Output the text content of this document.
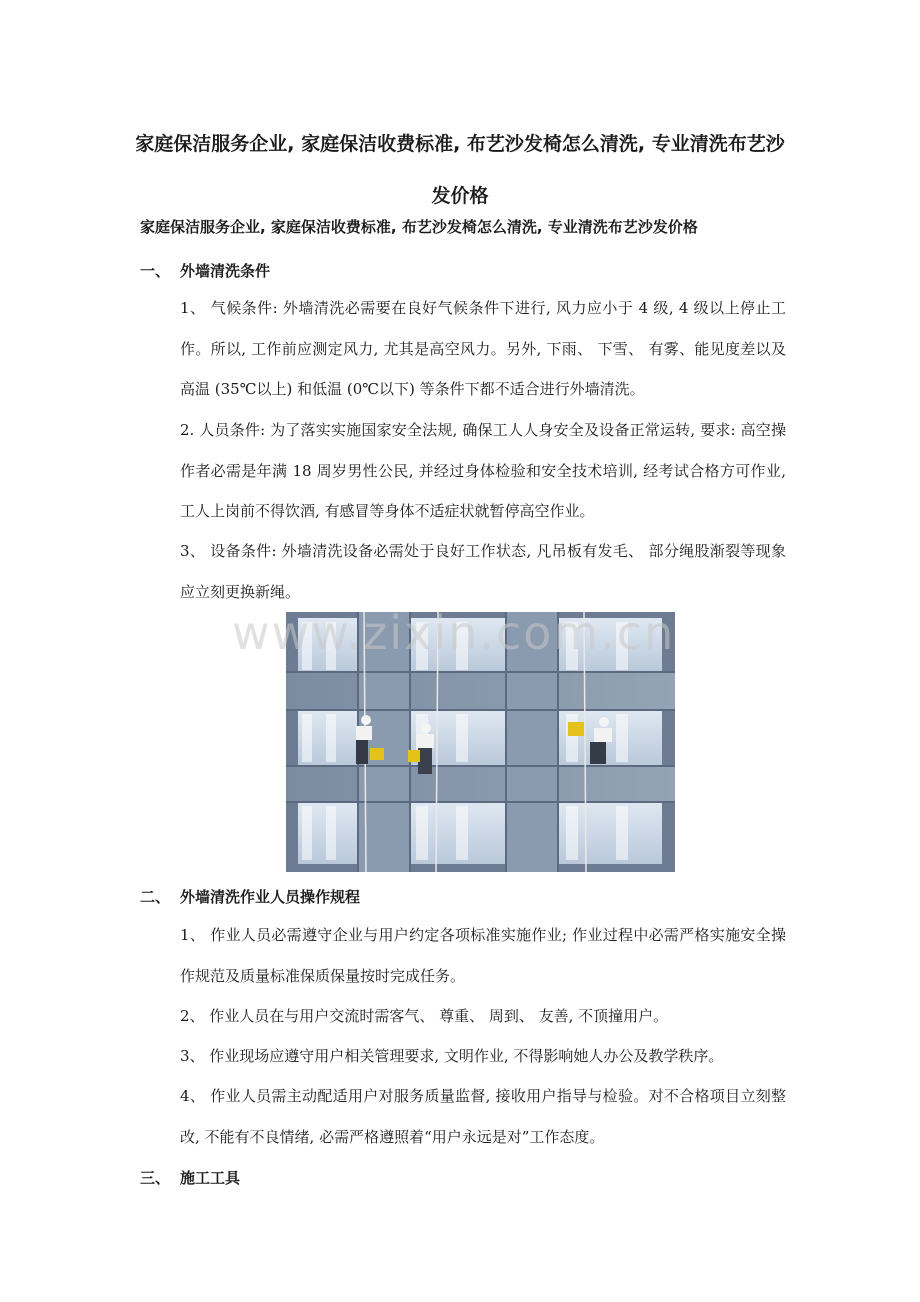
家庭保洁服务企业, 家庭保洁收费标准, 布艺沙发椅怎么清洗, 专业清洗布艺沙发价格
家庭保洁服务企业, 家庭保洁收费标准, 布艺沙发椅怎么清洗, 专业清洗布艺沙发价格
一、 外墙清洗条件

1、 气候条件: 外墙清洗必需要在良好气候条件下进行, 风力应小于 4 级, 4 级以上停止工作。所以, 工作前应测定风力, 尤其是高空风力。另外, 下雨、 下雪、 有雾、能见度差以及高温 (35℃以上) 和低温 (0℃以下) 等条件下都不适合进行外墙清洗。

2. 人员条件: 为了落实实施国家安全法规, 确保工人人身安全及设备正常运转, 要求: 高空操作者必需是年满 18 周岁男性公民, 并经过身体检验和安全技术培训, 经考试合格方可作业, 工人上岗前不得饮酒, 有感冒等身体不适症状就暂停高空作业。

3、 设备条件: 外墙清洗设备必需处于良好工作状态, 凡吊板有发毛、 部分绳股渐裂等现象应立刻更换新绳。

www.zixin.com.cn
二、 外墙清洗作业人员操作规程

1、 作业人员必需遵守企业与用户约定各项标准实施作业; 作业过程中必需严格实施安全操作规范及质量标准保质保量按时完成任务。

2、 作业人员在与用户交流时需客气、 尊重、 周到、 友善, 不顶撞用户。

3、 作业现场应遵守用户相关管理要求, 文明作业, 不得影响她人办公及教学秩序。

4、 作业人员需主动配适用户对服务质量监督, 接收用户指导与检验。对不合格项目立刻整改, 不能有不良情绪, 必需严格遵照着“用户永远是对”工作态度。

三、 施工工具
